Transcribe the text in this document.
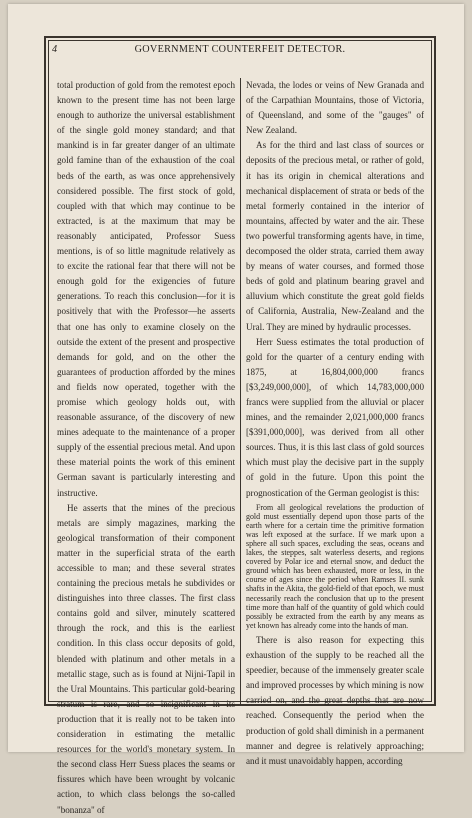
4	GOVERNMENT COUNTERFEIT DETECTOR.

total production of gold from the remotest epoch known to the present time has not been large enough to authorize the universal establishment of the single gold money standard; and that mankind is in far greater danger of an ultimate gold famine than of the exhaustion of the coal beds of the earth, as was once apprehensively considered possible. The first stock of gold, coupled with that which may continue to be extracted, is at the maximum that may be reasonably anticipated, Professor Suess mentions, is of so little magnitude relatively as to excite the rational fear that there will not be enough gold for the exigencies of future generations. To reach this conclusion—for it is positively that with the Professor—he asserts that one has only to examine closely on the outside the extent of the present and prospective demands for gold, and on the other the guarantees of production afforded by the mines and fields now operated, together with the promise which geology holds out, with reasonable assurance, of the discovery of new mines adequate to the maintenance of a proper supply of the essential precious metal. And upon these material points the work of this eminent German savant is particularly interesting and instructive.

He asserts that the mines of the precious metals are simply magazines, marking the geological transformation of their component matter in the superficial strata of the earth accessible to man; and these several strates containing the precious metals he subdivides or distinguishes into three classes. The first class contains gold and silver, minutely scattered through the rock, and this is the earliest condition. In this class occur deposits of gold, blended with platinum and other metals in a metallic stage, such as is found at Nijni-Tapil in the Ural Mountains. This particular gold-bearing stratum is rare, and so insignificant in its production that it is really not to be taken into consideration in estimating the metallic resources for the world's monetary system. In the second class Herr Suess places the seams or fissures which have been wrought by volcanic action, to which class belongs the so-called "bonanza" of

Nevada, the lodes or veins of New Granada and of the Carpathian Mountains, those of Victoria, of Queensland, and some of the "gauges" of New Zealand.

As for the third and last class of sources or deposits of the precious metal, or rather of gold, it has its origin in chemical alterations and mechanical displacement of strata or beds of the metal formerly contained in the interior of mountains, affected by water and the air. These two powerful transforming agents have, in time, decomposed the older strata, carried them away by means of water courses, and formed those beds of gold and platinum bearing gravel and alluvium which constitute the great gold fields of California, Australia, New-Zealand and the Ural. They are mined by hydraulic processes.

Herr Suess estimates the total production of gold for the quarter of a century ending with 1875, at 16,804,000,000 francs [$3,249,000,000], of which 14,783,000,000 francs were supplied from the alluvial or placer mines, and the remainder 2,021,000,000 francs [$391,000,000], was derived from all other sources. Thus, it is this last class of gold sources which must play the decisive part in the supply of gold in the future. Upon this point the prognostication of the German geologist is this:

From all geological revelations the production of gold must essentially depend upon those parts of the earth where for a certain time the primitive formation was left exposed at the surface. If we mark upon a sphere all such spaces, excluding the seas, oceans and lakes, the steppes, salt waterless deserts, and regions covered by Polar ice and eternal snow, and deduct the ground which has been exhausted, more or less, in the course of ages since the period when Ramses II. sunk shafts in the Akita, the gold-field of that epoch, we must necessarily reach the conclusion that up to the present time more than half of the quantity of gold which could possibly be extracted from the earth by any means as yet known has already come into the hands of man.

There is also reason for expecting this exhaustion of the supply to be reached all the speedier, because of the immensely greater scale and improved processes by which mining is now carried on, and the great depths that are now reached. Consequently the period when the production of gold shall diminish in a permanent manner and degree is relatively approaching; and it must unavoidably happen, according
